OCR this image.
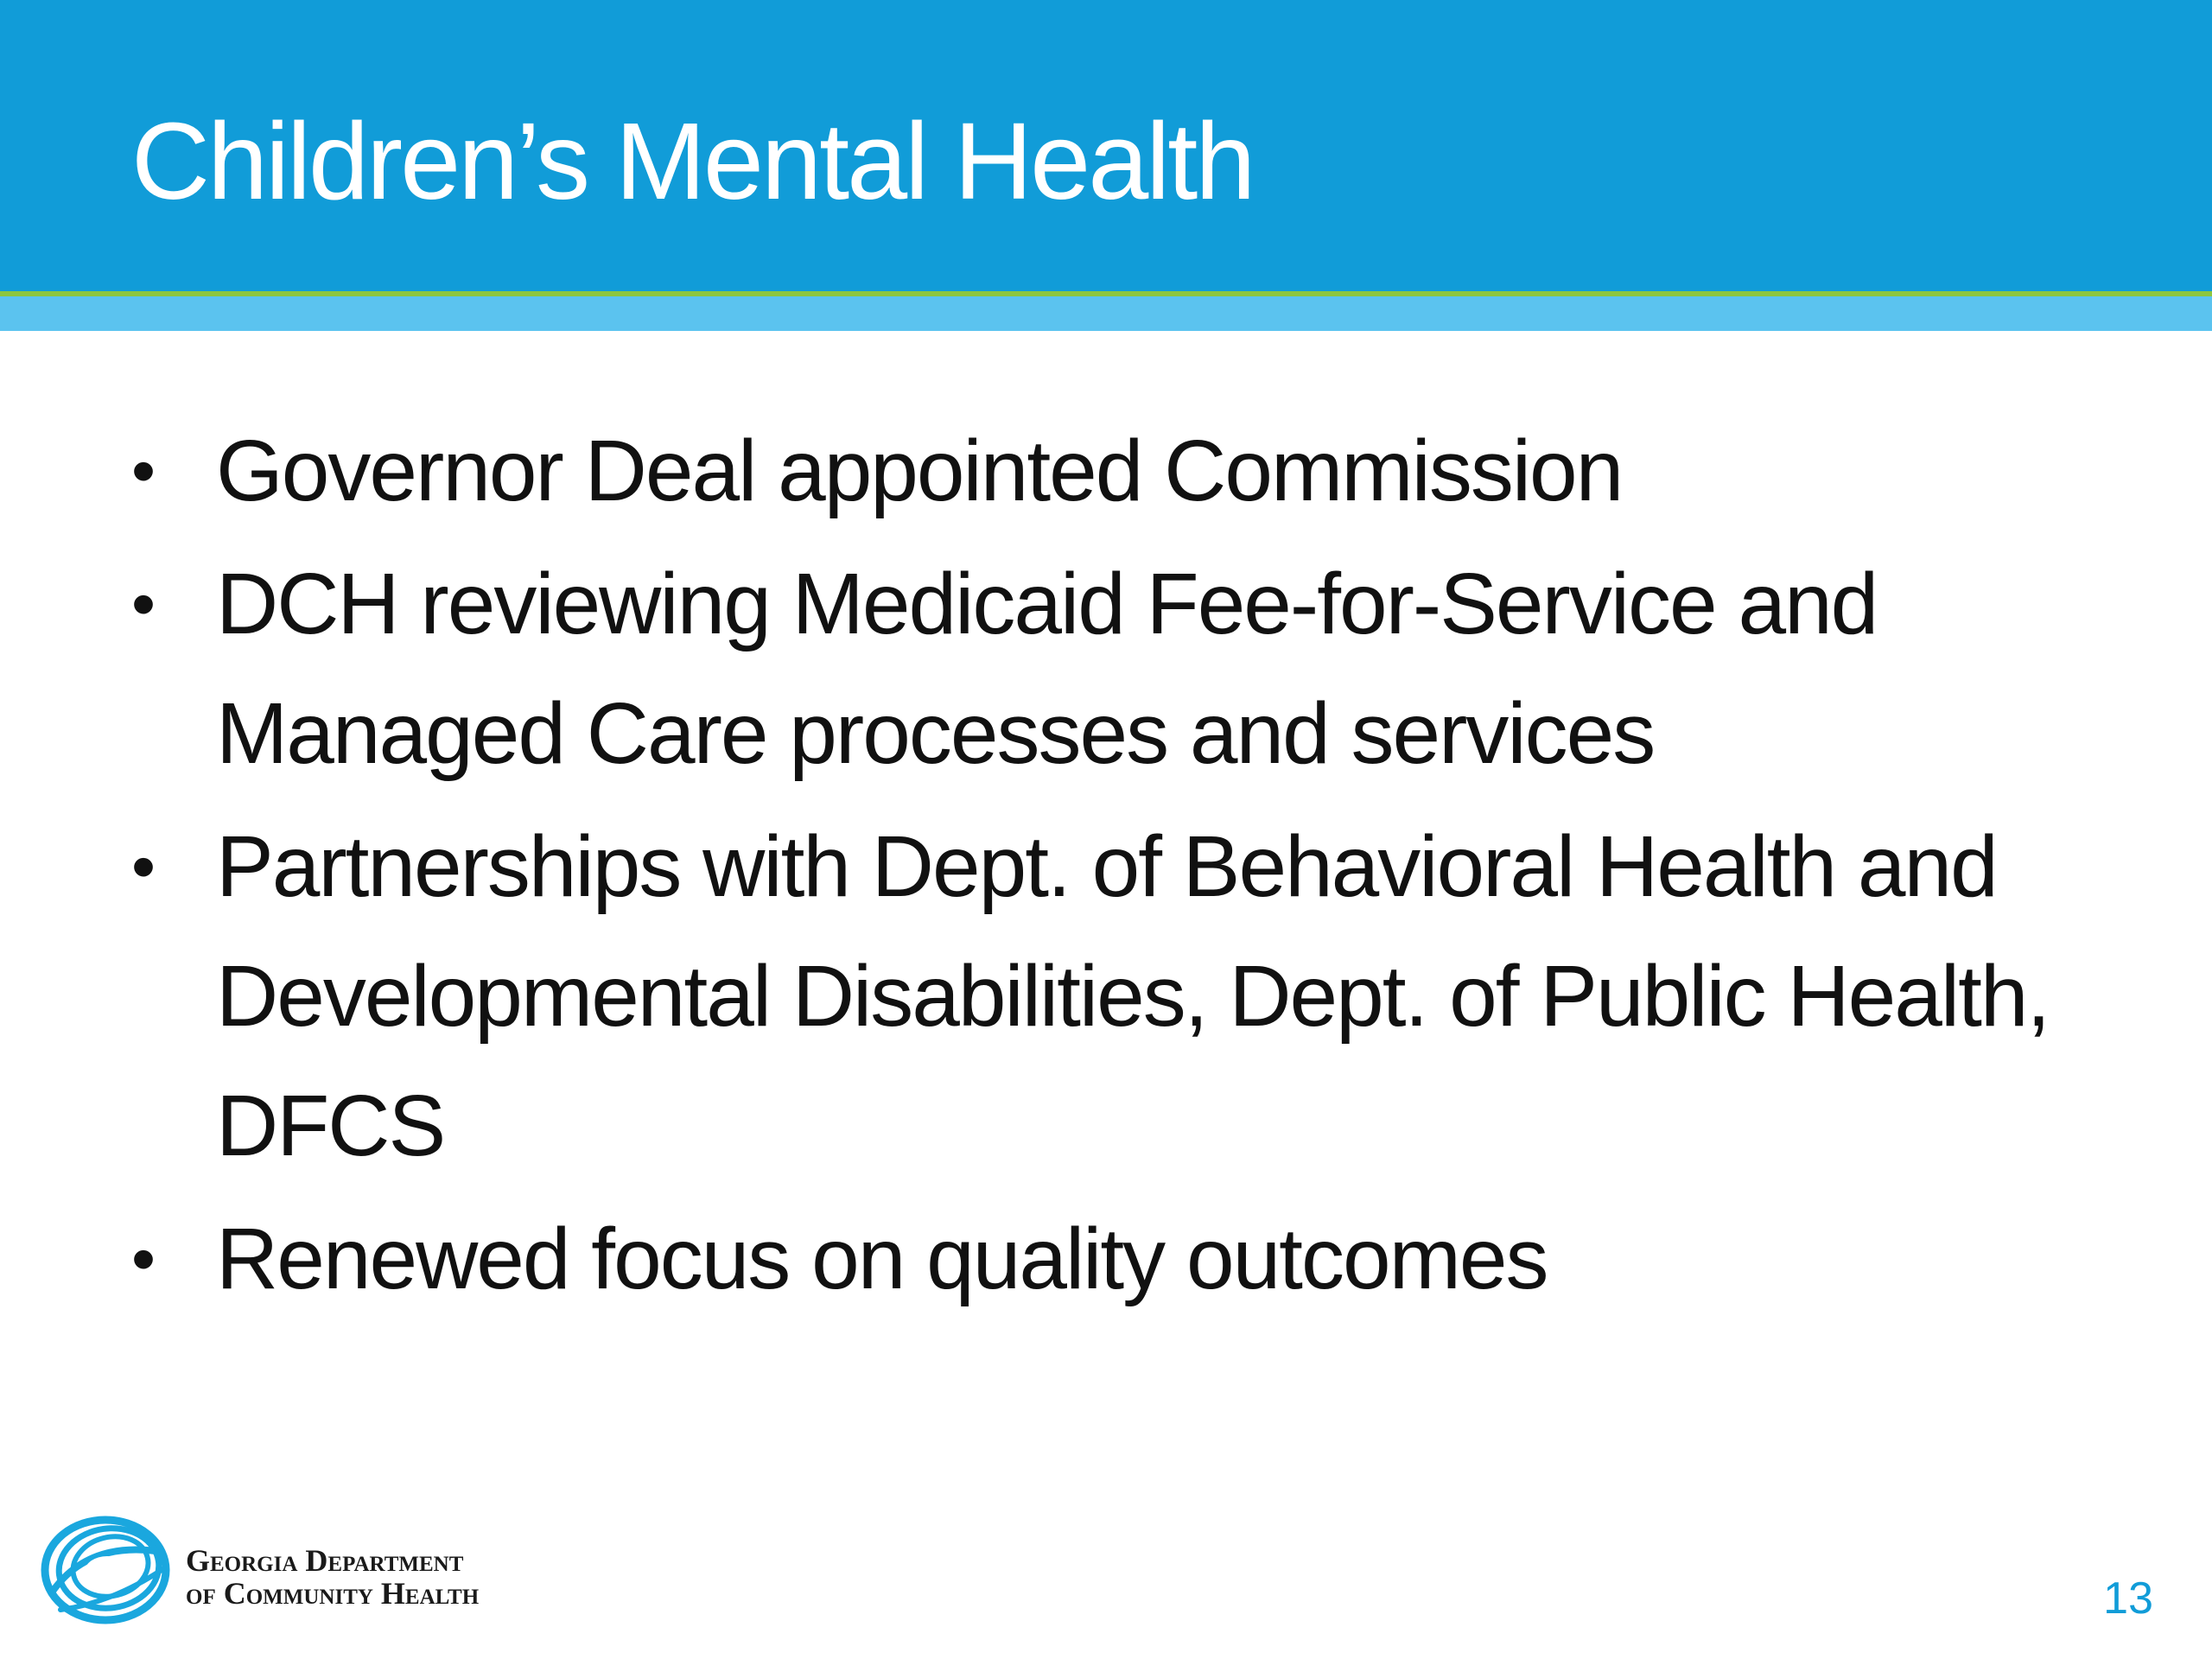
Children’s Mental Health
• Governor Deal appointed Commission
• DCH reviewing Medicaid Fee-for-Service and
Managed Care processes and services
• Partnerships with Dept. of Behavioral Health and
Developmental Disabilities, Dept. of Public Health,
DFCS
• Renewed focus on quality outcomes
Georgia Department
of Community Health	13
